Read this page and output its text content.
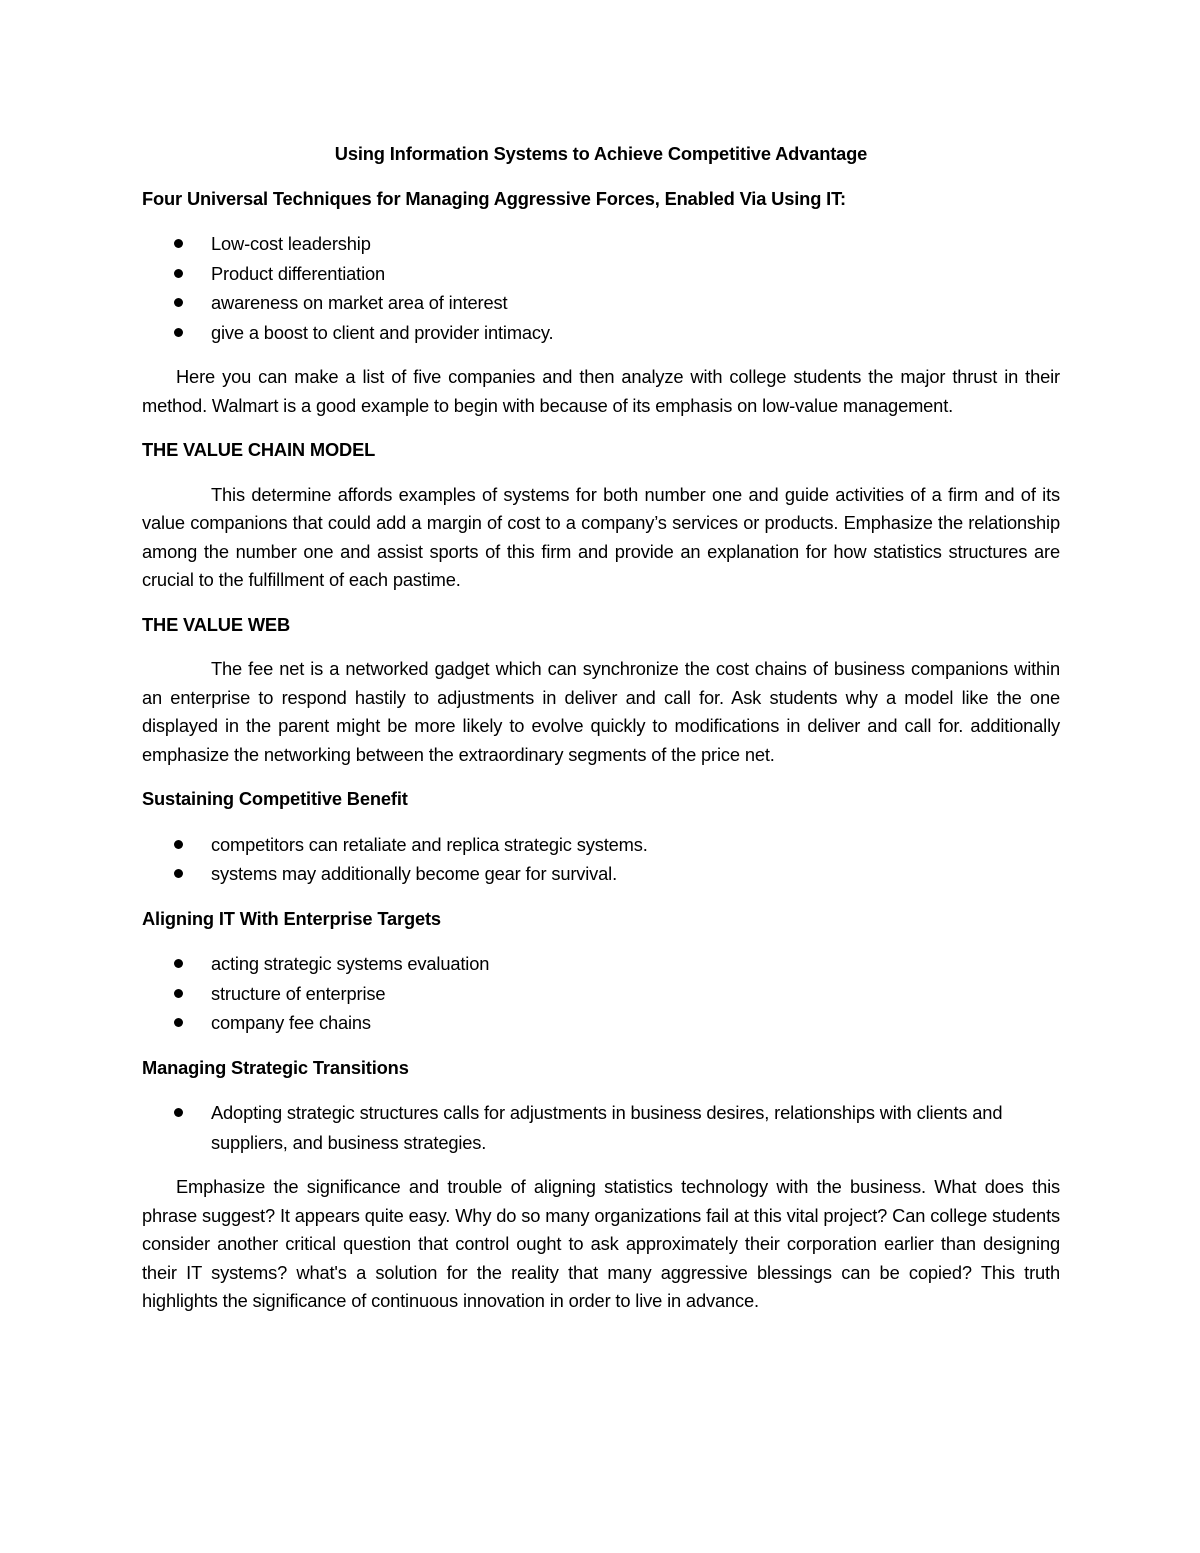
Using Information Systems to Achieve Competitive Advantage

Four Universal Techniques for Managing Aggressive Forces, Enabled Via Using IT:

Low-cost leadership
Product differentiation
awareness on market area of interest
give a boost to client and provider intimacy.

Here you can make a list of five companies and then analyze with college students the major thrust in their method. Walmart is a good example to begin with because of its emphasis on low-value management.

THE VALUE CHAIN MODEL

This determine affords examples of systems for both number one and guide activities of a firm and of its value companions that could add a margin of cost to a company’s services or products. Emphasize the relationship among the number one and assist sports of this firm and provide an explanation for how statistics structures are crucial to the fulfillment of each pastime.

THE VALUE WEB

The fee net is a networked gadget which can synchronize the cost chains of business companions within an enterprise to respond hastily to adjustments in deliver and call for. Ask students why a model like the one displayed in the parent might be more likely to evolve quickly to modifications in deliver and call for. additionally emphasize the networking between the extraordinary segments of the price net.

Sustaining Competitive Benefit

competitors can retaliate and replica strategic systems.
systems may additionally become gear for survival.

Aligning IT With Enterprise Targets

acting strategic systems evaluation
structure of enterprise
company fee chains

Managing Strategic Transitions

Adopting strategic structures calls for adjustments in business desires, relationships with clients and suppliers, and business strategies.

Emphasize the significance and trouble of aligning statistics technology with the business. What does this phrase suggest? It appears quite easy. Why do so many organizations fail at this vital project? Can college students consider another critical question that control ought to ask approximately their corporation earlier than designing their IT systems? what's a solution for the reality that many aggressive blessings can be copied? This truth highlights the significance of continuous innovation in order to live in advance.
